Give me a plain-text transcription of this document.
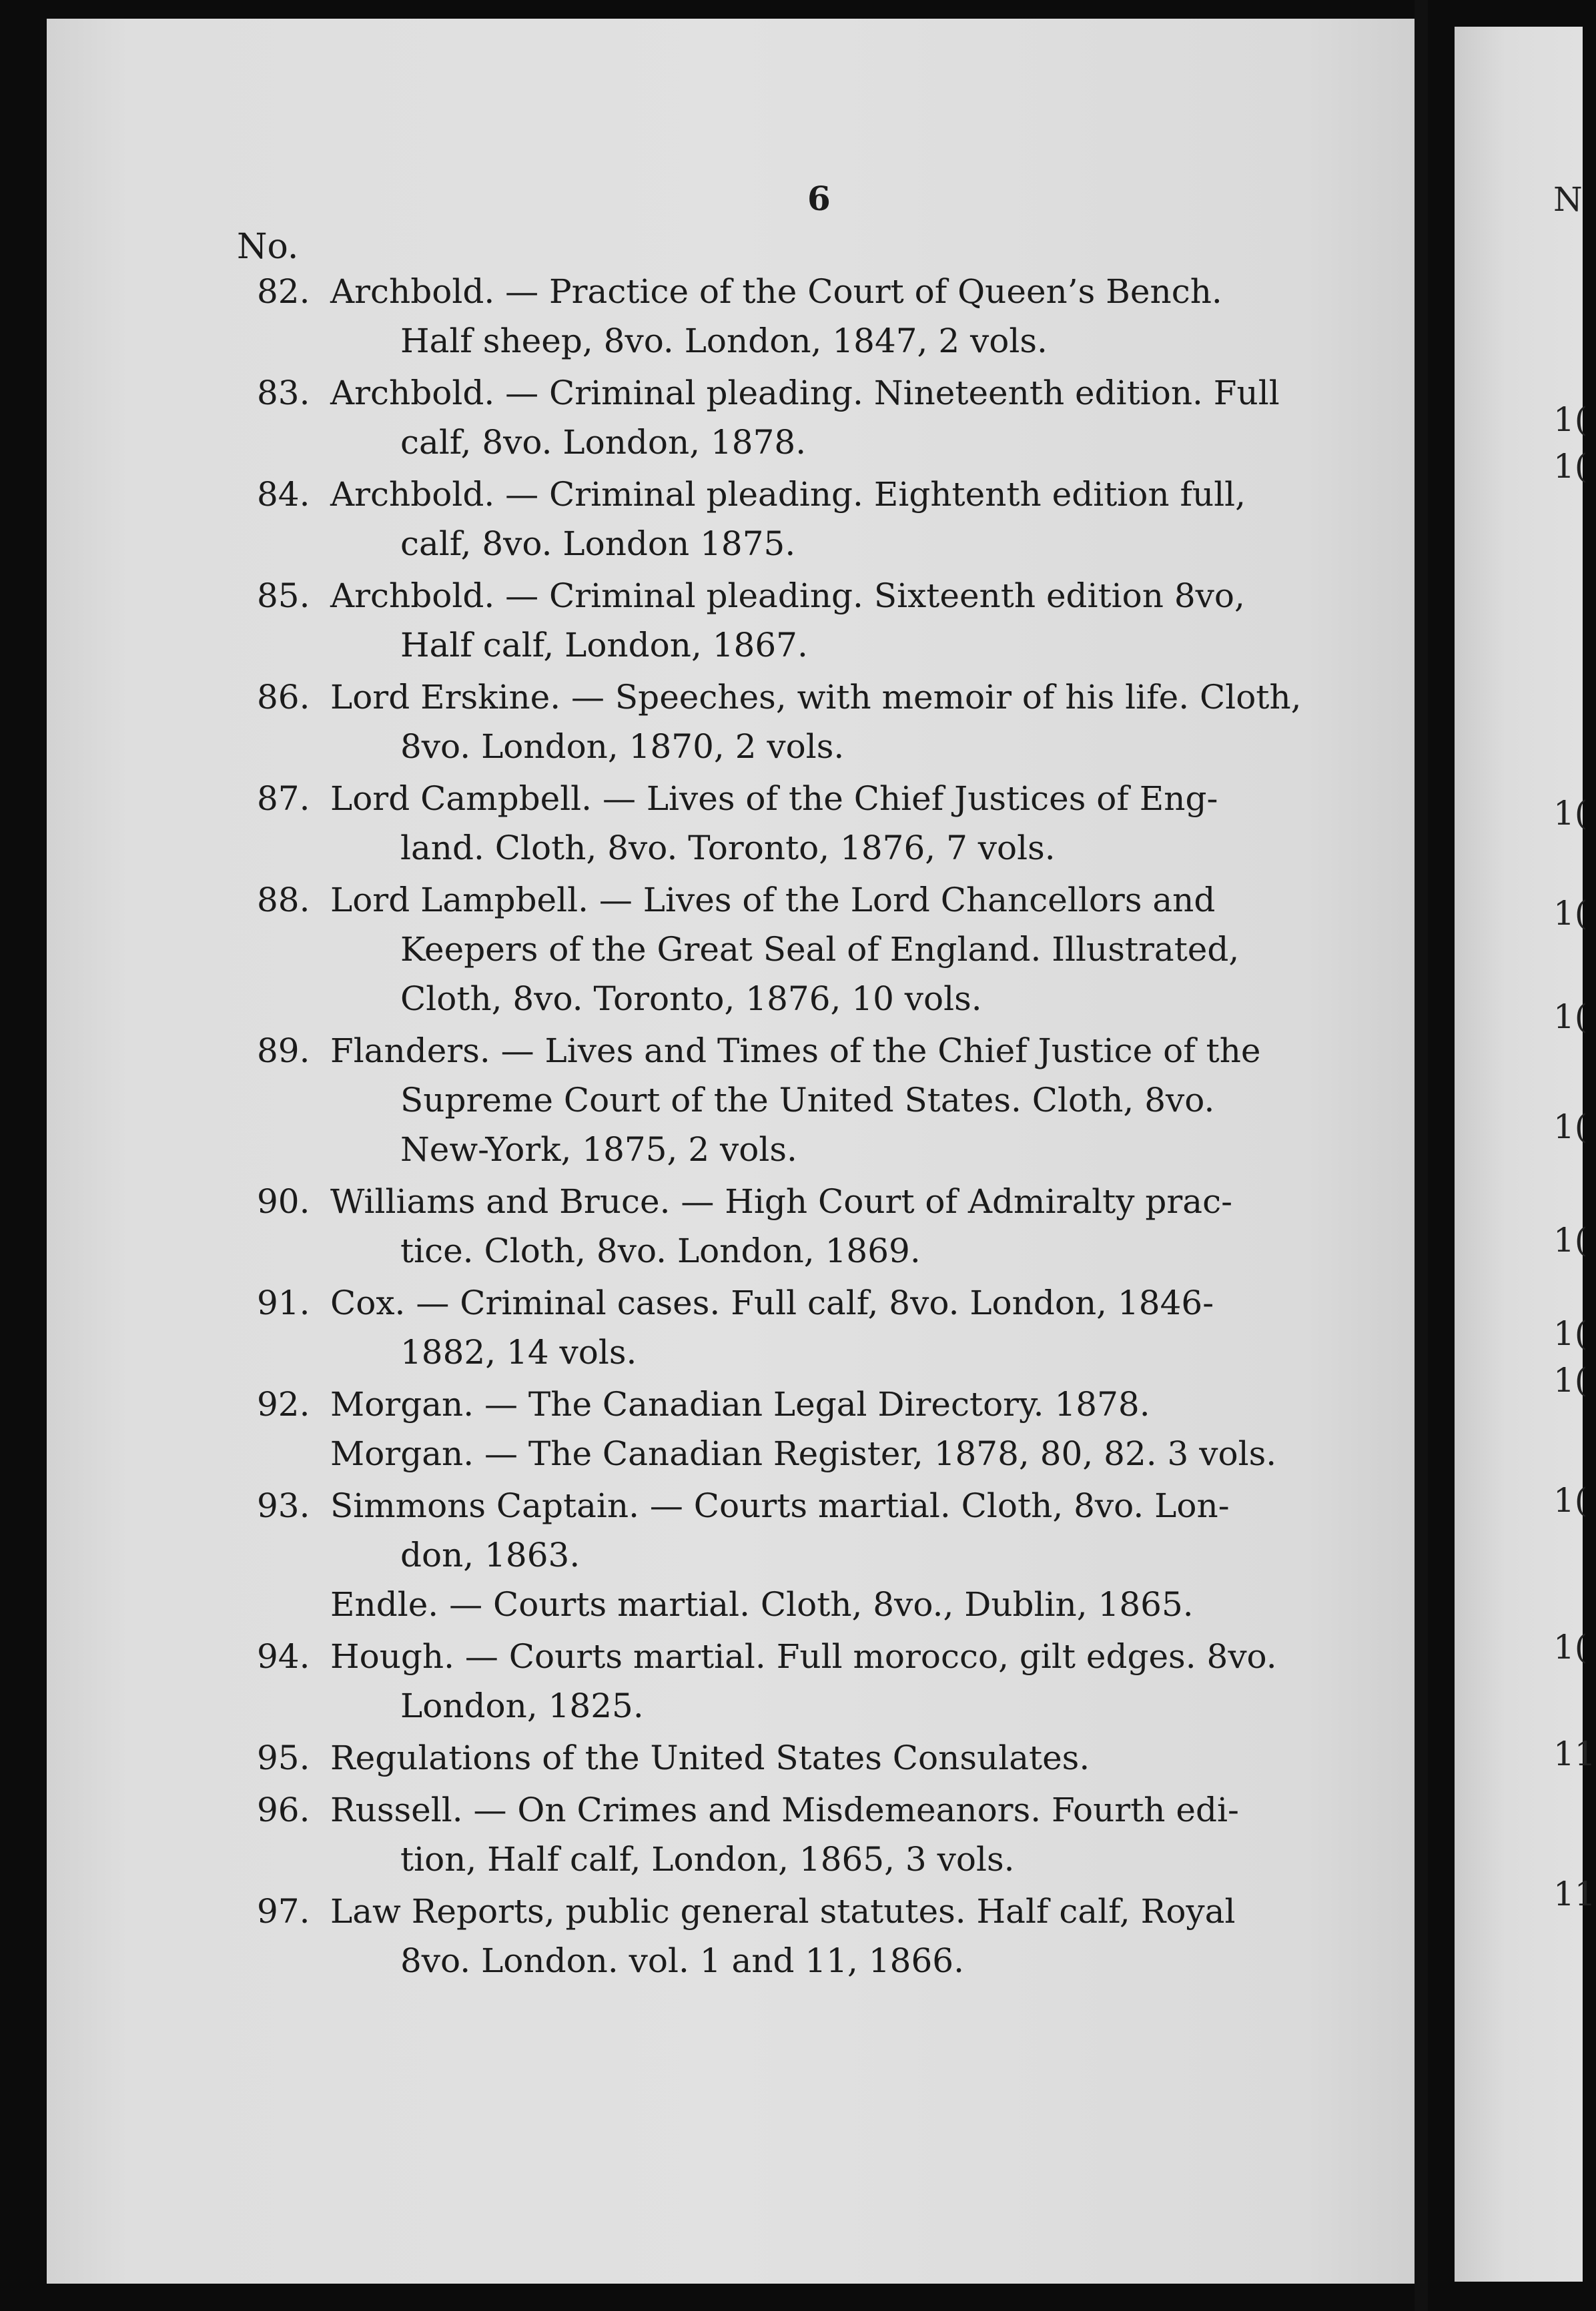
6
No.
82. Archbold. — Practice of the Court of Queen’s Bench.
Half sheep, 8vo. London, 1847, 2 vols.
83. Archbold. — Criminal pleading. Nineteenth edition. Full
calf, 8vo. London, 1878.
84. Archbold. — Criminal pleading. Eightenth edition full,
calf, 8vo. London 1875.
85. Archbold. — Criminal pleading. Sixteenth edition 8vo,
Half calf, London, 1867.
86. Lord Erskine. — Speeches, with memoir of his life. Cloth,
8vo. London, 1870, 2 vols.
87. Lord Campbell. — Lives of the Chief Justices of Eng-
land. Cloth, 8vo. Toronto, 1876, 7 vols.
88. Lord Lampbell. — Lives of the Lord Chancellors and
Keepers of the Great Seal of England. Illustrated,
Cloth, 8vo. Toronto, 1876, 10 vols.
89. Flanders. — Lives and Times of the Chief Justice of the
Supreme Court of the United States. Cloth, 8vo.
New-York, 1875, 2 vols.
90. Williams and Bruce. — High Court of Admiralty prac-
tice. Cloth, 8vo. London, 1869.
91. Cox. — Criminal cases. Full calf, 8vo. London, 1846-
1882, 14 vols.
92. Morgan. — The Canadian Legal Directory. 1878.
Morgan. — The Canadian Register, 1878, 80, 82. 3 vols.
93. Simmons Captain. — Courts martial. Cloth, 8vo. Lon-
don, 1863.
Endle. — Courts martial. Cloth, 8vo., Dublin, 1865.
94. Hough. — Courts martial. Full morocco, gilt edges. 8vo.
London, 1825.
95. Regulations of the United States Consulates.
96. Russell. — On Crimes and Misdemeanors. Fourth edi-
tion, Half calf, London, 1865, 3 vols.
97. Law Reports, public general statutes. Half calf, Royal
8vo. London. vol. 1 and 11, 1866.
N
1(
1(
1(
1(
1(
1(
1(
1(
1(
1(
1(
11
11
